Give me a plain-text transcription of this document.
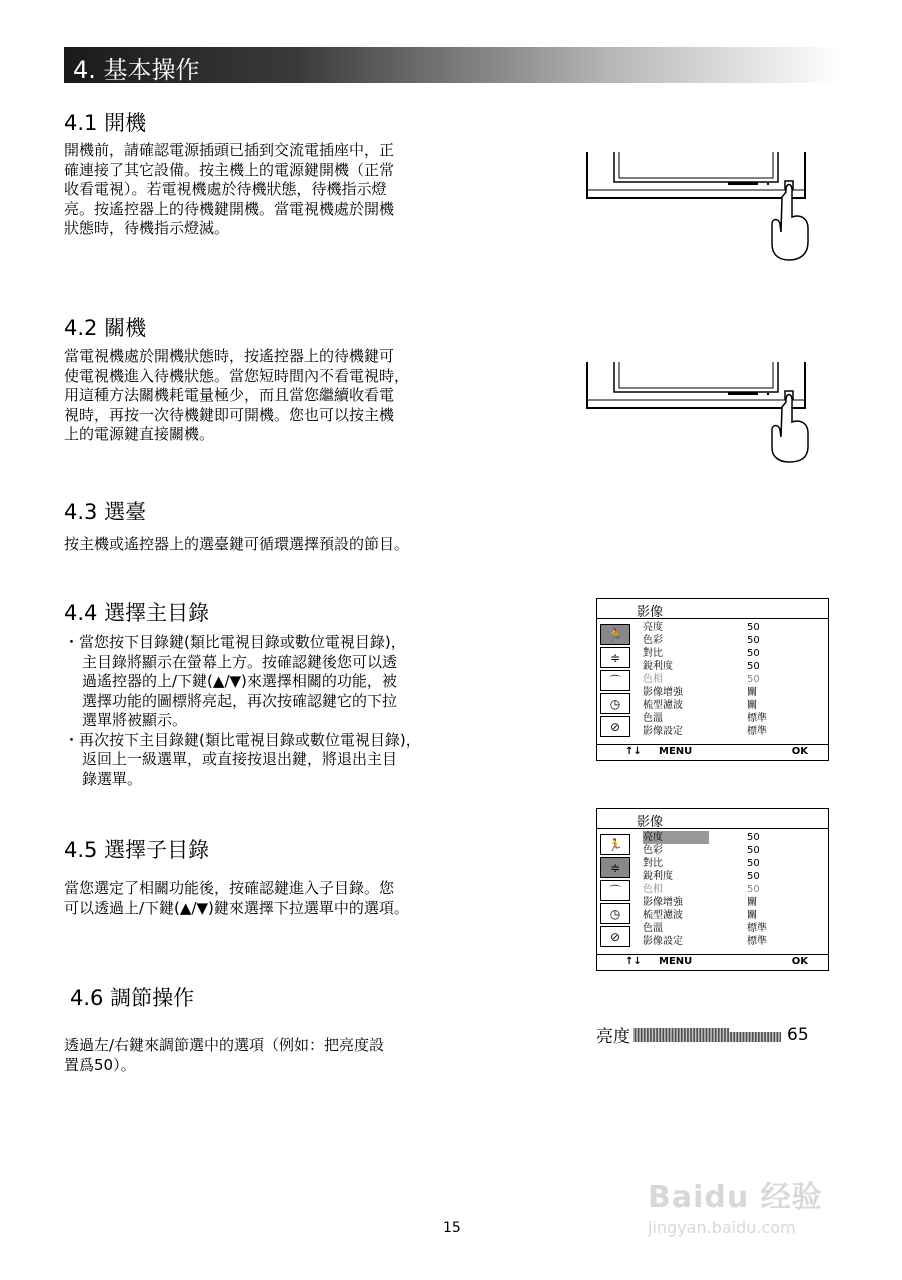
4. 基本操作
4.1 開機
開機前，請確認電源插頭已插到交流電插座中，正
確連接了其它設備。按主機上的電源鍵開機（正常
收看電視）。若電視機處於待機狀態，待機指示燈
亮。按遙控器上的待機鍵開機。當電視機處於開機
狀態時，待機指示燈滅。
4.2 關機
當電視機處於開機狀態時，按遙控器上的待機鍵可
使電視機進入待機狀態。當您短時間內不看電視時，
用這種方法關機耗電量極少，而且當您繼續收看電
視時，再按一次待機鍵即可開機。您也可以按主機
上的電源鍵直接關機。
4.3 選臺
按主機或遙控器上的選臺鍵可循環選擇預設的節目。
4.4 選擇主目錄
・當您按下目錄鍵(類比電視目錄或數位電視目錄)，
主目錄將顯示在螢幕上方。按確認鍵後您可以透
過遙控器的上/下鍵(▲/▼)來選擇相關的功能，被
選擇功能的圖標將亮起，再次按確認鍵它的下拉
選單將被顯示。
・再次按下主目錄鍵(類比電視目錄或數位電視目錄)，
返回上一級選單，或直接按退出鍵，將退出主目
錄選單。
影像
🏃
≑
⌒
◷
⊘
亮度	50
色彩	50
對比	50
銳利度	50
色相	50
影像增強	關
梳型濾波	關
色溫	標準
影像設定	標準
↑↓ MENU	OK
4.5 選擇子目錄
當您選定了相關功能後，按確認鍵進入子目錄。您
可以透過上/下鍵(▲/▼)鍵來選擇下拉選單中的選項。
影像
🏃
≑
⌒
◷
⊘
亮度	50
色彩	50
對比	50
銳利度	50
色相	50
影像增強	關
梳型濾波	關
色溫	標準
影像設定	標準
↑↓ MENU	OK
4.6 調節操作
透過左/右鍵來調節選中的選項（例如：把亮度設
置爲50）。
亮度	65
15
Baidu 经验
jingyan.baidu.com
